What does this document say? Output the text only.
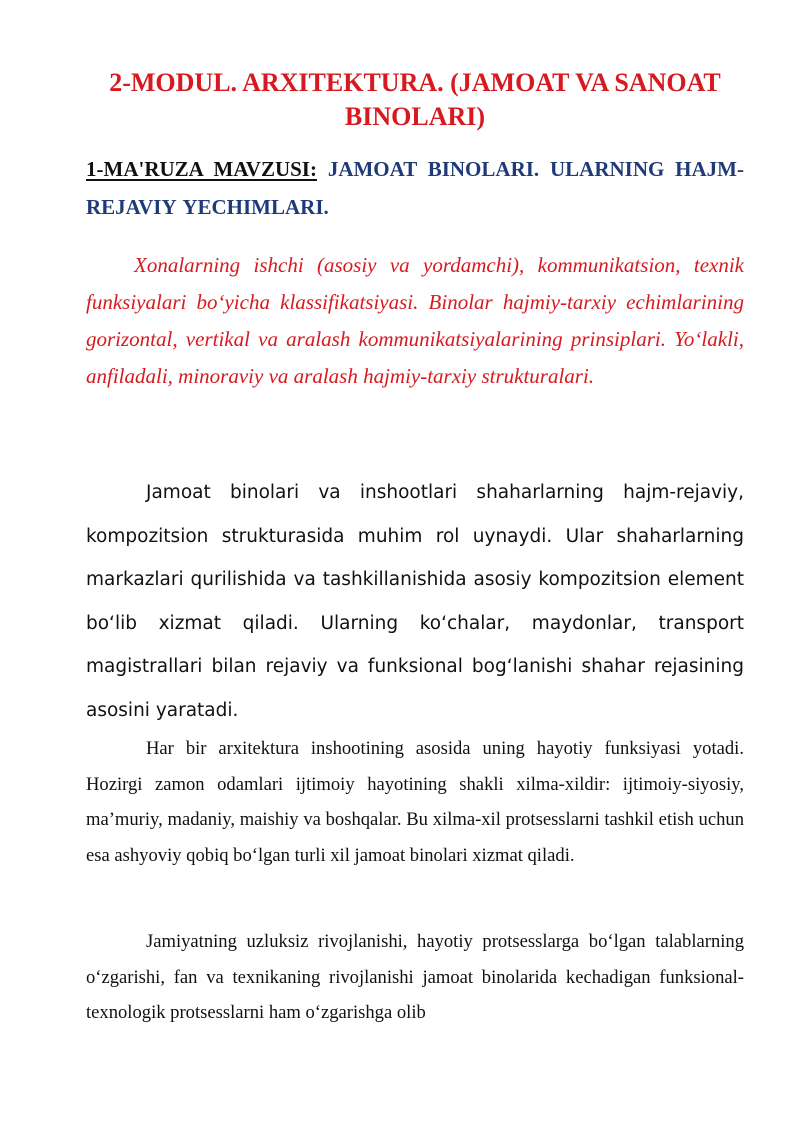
2-MODUL. ARXITEKTURA. (JAMOAT VA SANOAT BINOLARI)

1-MA'RUZA MAVZUSI: JAMOAT BINOLARI. ULARNING HAJM-REJAVIY YECHIMLARI.

Xonalarning ishchi (asosiy va yordamchi), kommunikatsion, texnik funksiyalari bo‘yicha klassifikatsiyasi. Binolar hajmiy-tarxiy echimlarining gorizontal, vertikal va aralash kommunikatsiyalarining prinsiplari. Yo‘lakli, anfiladali, minoraviy va aralash hajmiy-tarxiy strukturalari.

Jamoat binolari va inshootlari shaharlarning hajm-rejaviy, kompozitsion strukturasida muhim rol uynaydi. Ular shaharlarning markazlari qurilishida va tashkillanishida asosiy kompozitsion element bo‘lib xizmat qiladi. Ularning ko‘chalar, maydonlar, transport magistrallari bilan rejaviy va funksional bog‘lanishi shahar rejasining asosini yaratadi.

Har bir arxitektura inshootining asosida uning hayotiy funksiyasi yotadi. Hozirgi zamon odamlari ijtimoiy hayotining shakli xilma-xildir: ijtimoiy-siyosiy, ma’muriy, madaniy, maishiy va boshqalar. Bu xilma-xil protsesslarni tashkil etish uchun esa ashyoviy qobiq bo‘lgan turli xil jamoat binolari xizmat qiladi.

Jamiyatning uzluksiz rivojlanishi, hayotiy protsesslarga bo‘lgan talablarning o‘zgarishi, fan va texnikaning rivojlanishi jamoat binolarida kechadigan funksional-texnologik protsesslarni ham o‘zgarishga olib
